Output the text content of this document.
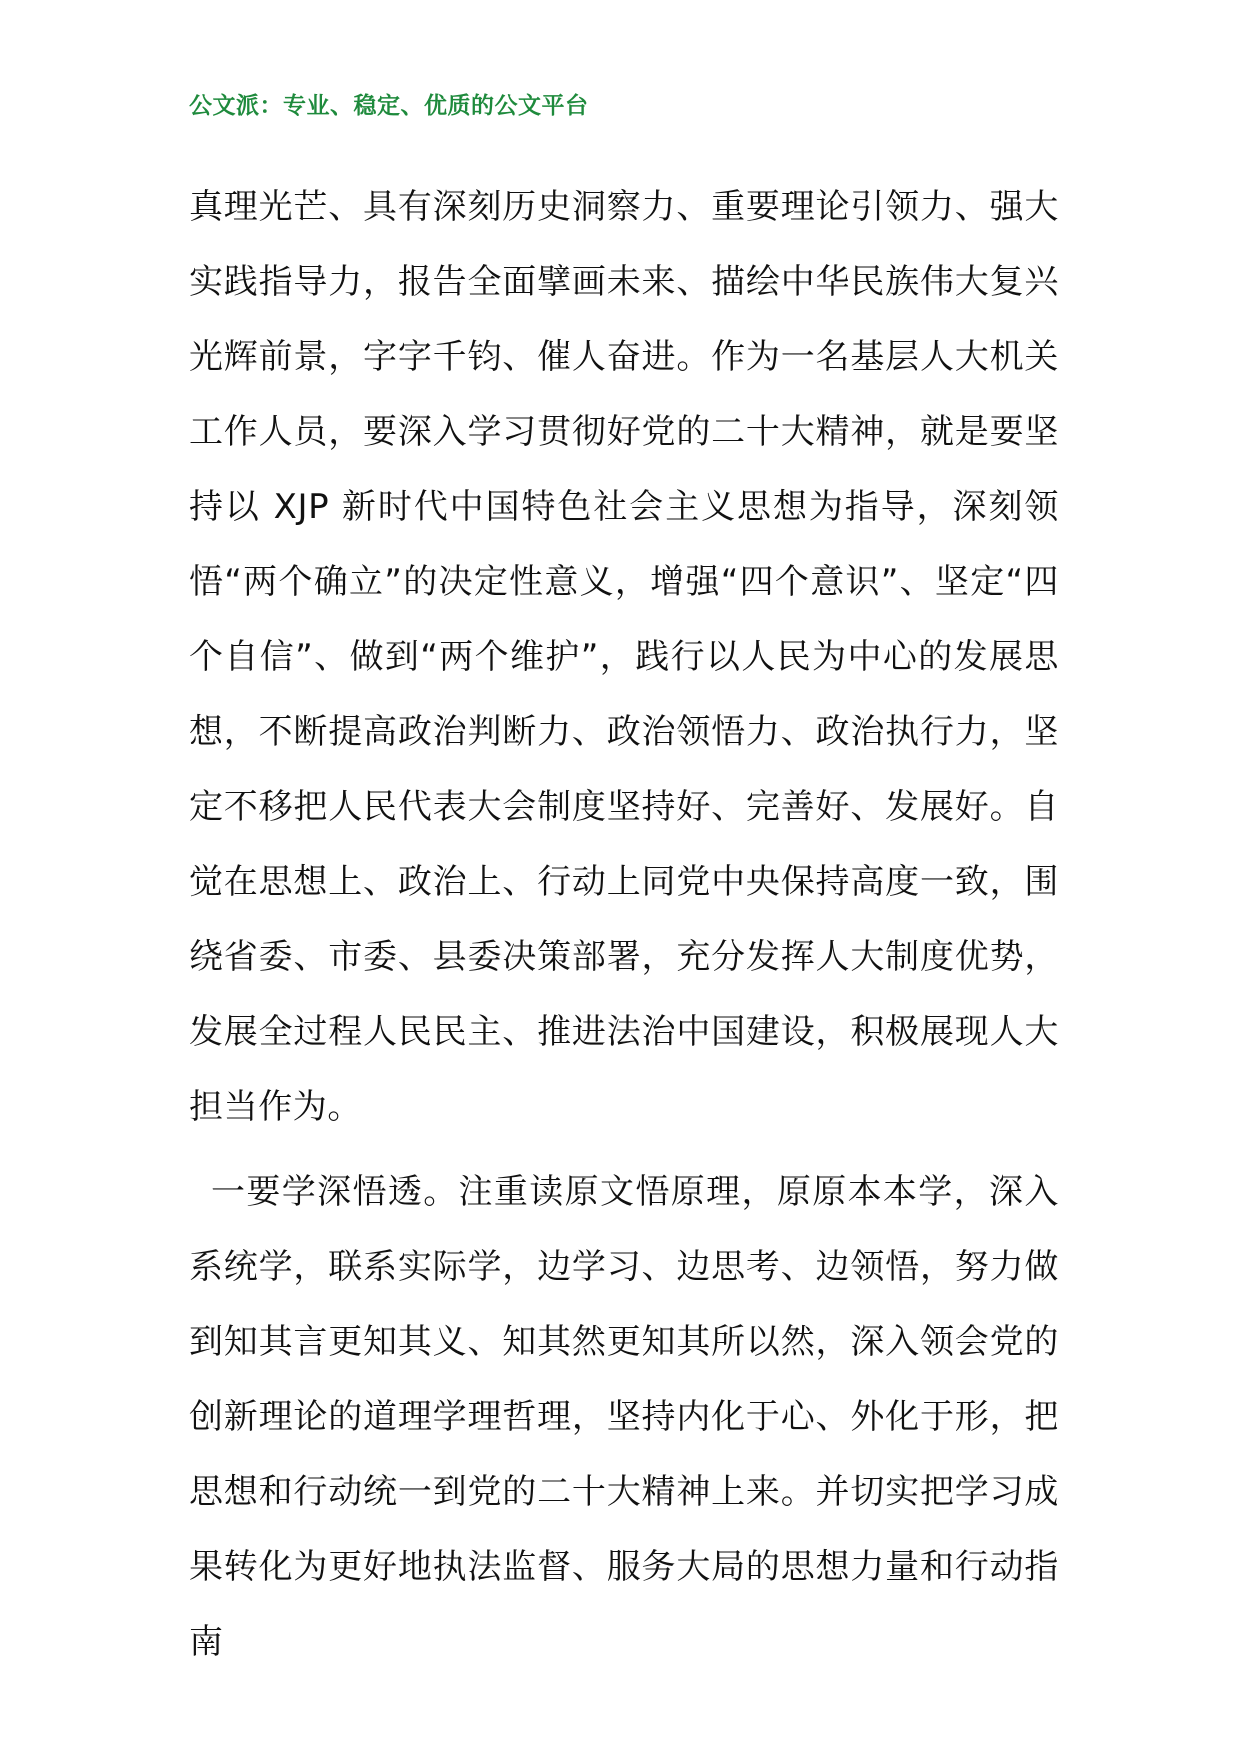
公文派：专业、稳定、优质的公文平台

真理光芒、具有深刻历史洞察力、重要理论引领力、强大实践指导力，报告全面擘画未来、描绘中华民族伟大复兴光辉前景，字字千钧、催人奋进。作为一名基层人大机关工作人员，要深入学习贯彻好党的二十大精神，就是要坚持以 XJP 新时代中国特色社会主义思想为指导，深刻领悟“两个确立”的决定性意义，增强“四个意识”、坚定“四个自信”、做到“两个维护”，践行以人民为中心的发展思想，不断提高政治判断力、政治领悟力、政治执行力，坚定不移把人民代表大会制度坚持好、完善好、发展好。自觉在思想上、政治上、行动上同党中央保持高度一致，围绕省委、市委、县委决策部署，充分发挥人大制度优势，发展全过程人民民主、推进法治中国建设，积极展现人大担当作为。

一要学深悟透。注重读原文悟原理，原原本本学，深入系统学，联系实际学，边学习、边思考、边领悟，努力做到知其言更知其义、知其然更知其所以然，深入领会党的创新理论的道理学理哲理，坚持内化于心、外化于形，把思想和行动统一到党的二十大精神上来。并切实把学习成果转化为更好地执法监督、服务大局的思想力量和行动指南
